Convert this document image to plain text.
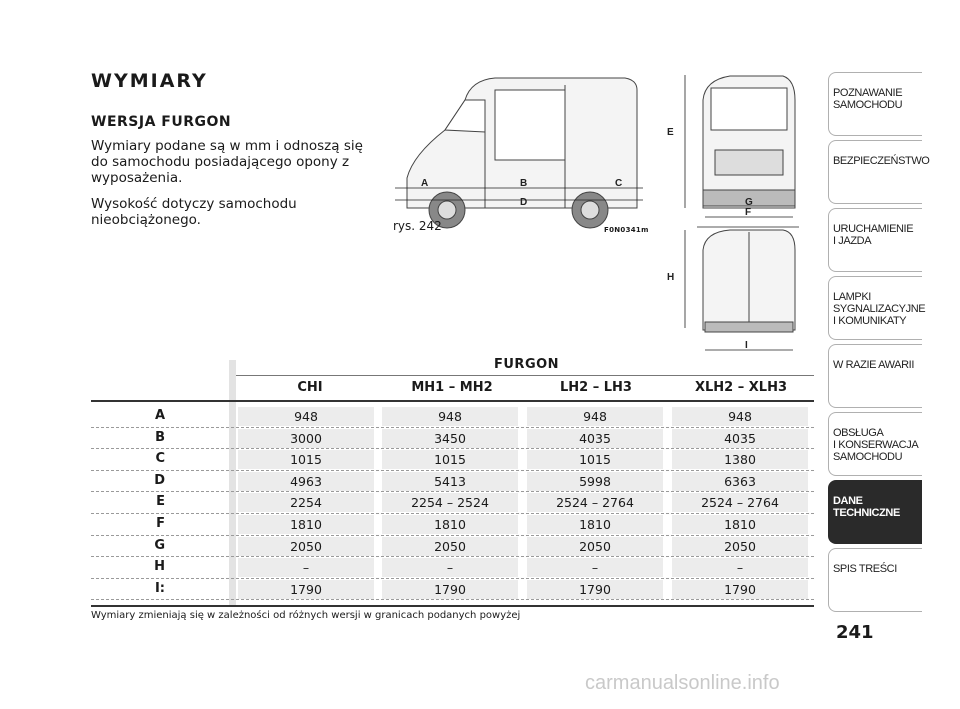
WYMIARY
WERSJA FURGON
Wymiary podane są w mm i odnoszą się do samochodu posiadającego opony z wyposażenia.
Wysokość dotyczy samochodu nieobciążonego.
A	B	C
D
E
F
G
H
I
rys. 242	F0N0341m
FURGON
CHI	MH1 – MH2	LH2 – LH3	XLH2 – XLH3
A	948	948	948	948
B	3000	3450	4035	4035
C	1015	1015	1015	1380
D	4963	5413	5998	6363
E	2254	2254 – 2524	2524 – 2764	2524 – 2764
F	1810	1810	1810	1810
G	2050	2050	2050	2050
H	–	–	–	–
I:	1790	1790	1790	1790
Wymiary zmieniają się w zależności od różnych wersji w granicach podanych powyżej
POZNAWANIE
SAMOCHODU
BEZPIECZEŃSTWO
URUCHAMIENIE
I JAZDA
LAMPKI
SYGNALIZACYJNE
I KOMUNIKATY
W RAZIE AWARII
OBSŁUGA
I KONSERWACJA
SAMOCHODU
DANE
TECHNICZNE
SPIS TREŚCI
241
carmanualsonline.info
